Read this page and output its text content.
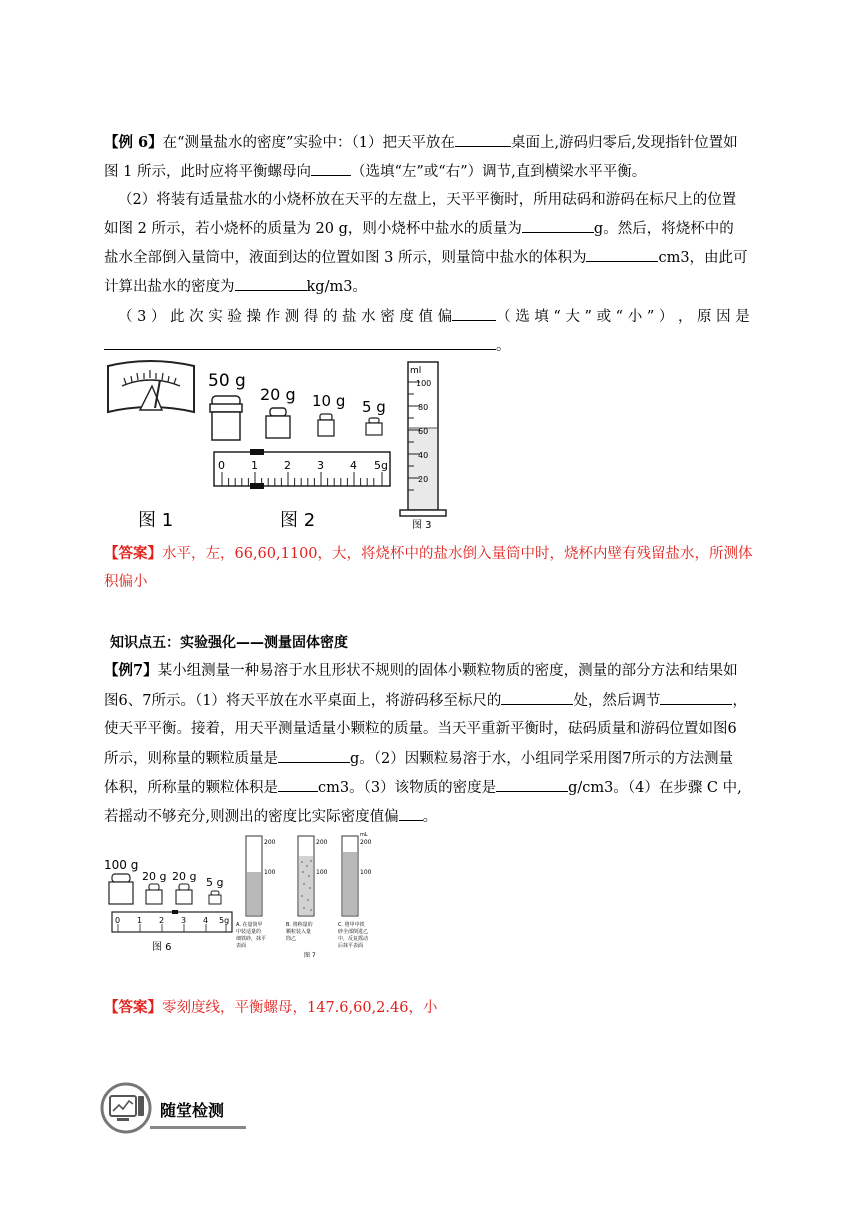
【例 6】在“测量盐水的密度”实验中：（1）把天平放在	桌面上,游码归零后,发现指针位置如
图 1 所示，此时应将平衡螺母向	（选填“左”或“右”）调节,直到横梁水平平衡。
（2）将装有适量盐水的小烧杯放在天平的左盘上，天平平衡时，所用砝码和游码在标尺上的位置
如图 2 所示，若小烧杯的质量为 20 g，则小烧杯中盐水的质量为	g。然后，将烧杯中的
盐水全部倒入量筒中，液面到达的位置如图 3 所示，则量筒中盐水的体积为	cm3，由此可
计算出盐水的密度为	kg/m3。
（ 3 ） 此 次 实 验 操 作 测 得 的 盐 水 密 度 值 偏	（ 选 填 “ 大 ” 或 “ 小 ” ） ， 原 因 是
。
图 1
50 g
20 g 10 g 5 g
0 1 2 3 4 5g
图 2
ml
100
80
60
40
20
图 3
【答案】水平，左，66,60,1100，大，将烧杯中的盐水倒入量筒中时，烧杯内壁有残留盐水，所测体
积偏小
知识点五：实验强化——测量固体密度
【例7】某小组测量一种易溶于水且形状不规则的固体小颗粒物质的密度，测量的部分方法和结果如
图6、7所示。（1）将天平放在水平桌面上，将游码移至标尺的	处，然后调节	，
使天平平衡。接着，用天平测量适量小颗粒的质量。当天平重新平衡时，砝码质量和游码位置如图6
所示，则称量的颗粒质量是	g。（2）因颗粒易溶于水，小组同学采用图7所示的方法测量
体积，所称量的颗粒体积是	cm3。（3）该物质的密度是	g/cm3。（4）在步骤 C 中,
若摇动不够充分,则测出的密度比实际密度值偏 。
100 g
20 g 20 g 5 g
0 1 2 3 4 5g
图 6
200
100
200
100
mL
200
100
A. 在量筒甲
中装适量的
细铁砂，抹平
表面
B. 将称量的
颗粒装入量
筒乙
C. 将甲中铁
砂全部倒进乙
中，反复摇动
后抹平表面
图 7
【答案】零刻度线，平衡螺母，147.6,60,2.46，小
随堂检测
